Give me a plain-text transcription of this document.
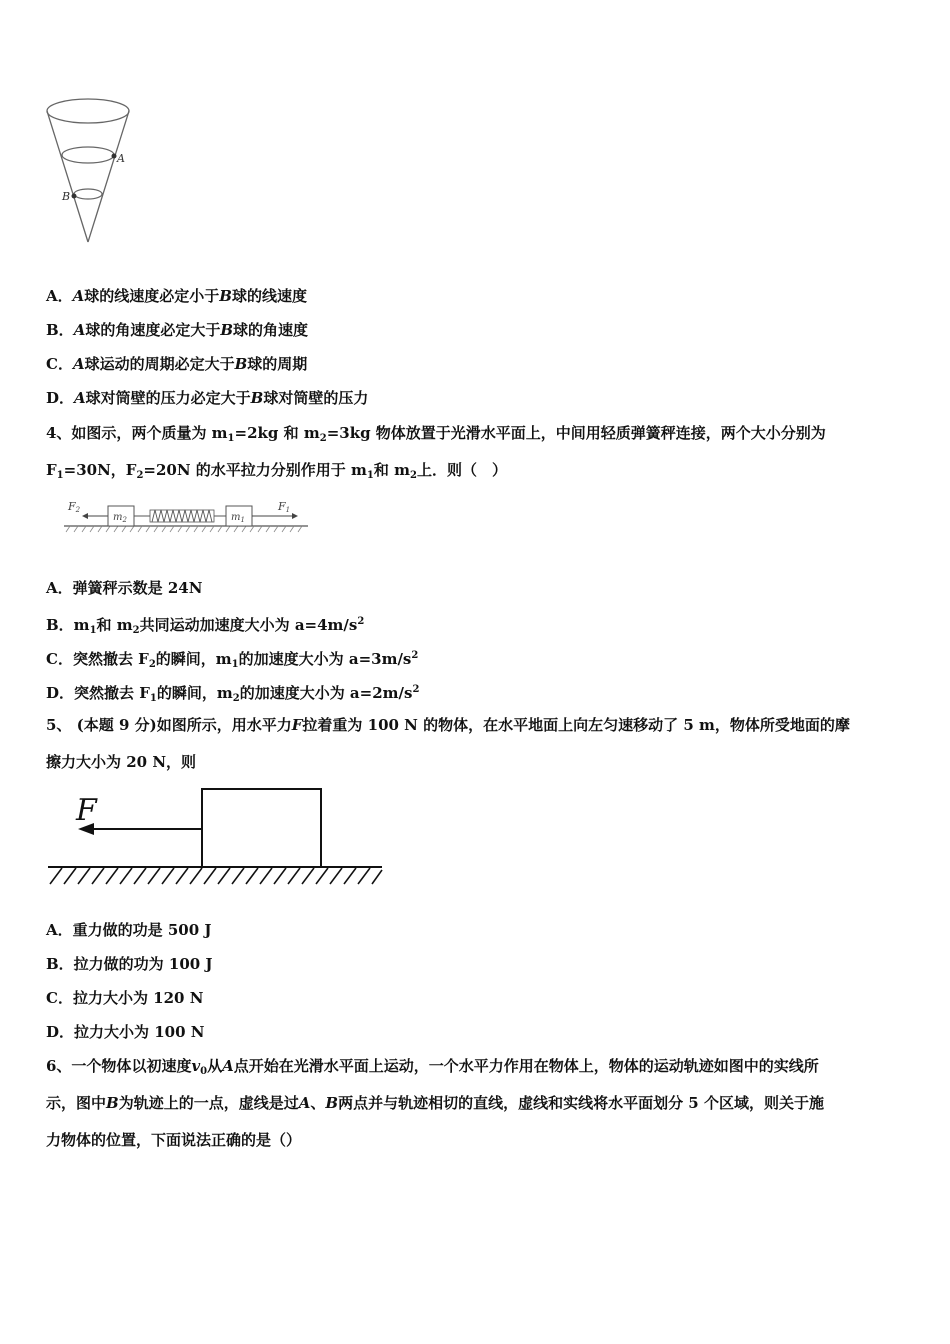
A
B
A．A球的线速度必定小于B球的线速度
B．A球的角速度必定大于B球的角速度
C．A球运动的周期必定大于B球的周期
D．A球对筒壁的压力必定大于B球对筒壁的压力
4、如图示，两个质量为 $m_1=2kg$ 和 $m_2=3kg$ 物体放置于光滑水平面上，中间用轻质弹簧秤连接，两个大小分别为
$F_1=30N$，$F_2=20N$ 的水平拉力分别作用于 $m_1$和 $m_2$上．则（　）
F2
$m_2$	$m_1$
F1
A．弹簧秤示数是 24N
B．$m_1$和 $m_2$共同运动加速度大小为 $a=4m/s^2$
C．突然撤去 $F_2$的瞬间，$m_1$的加速度大小为 $a=3m/s^2$
D．突然撤去 $F_1$的瞬间，$m_2$的加速度大小为 $a=2m/s^2$
5、 (本题 9 分)如图所示，用水平力F拉着重为 100 N 的物体，在水平地面上向左匀速移动了 5 m，物体所受地面的摩
擦力大小为 20 N，则
F
A．重力做的功是 500 J
B．拉力做的功为 100 J
C．拉力大小为 120 N
D．拉力大小为 100 N
6、一个物体以初速度$v_0$从A点开始在光滑水平面上运动，一个水平力作用在物体上，物体的运动轨迹如图中的实线所
示，图中B为轨迹上的一点，虚线是过A、B两点并与轨迹相切的直线，虚线和实线将水平面划分 5 个区域，则关于施
力物体的位置，下面说法正确的是（）
